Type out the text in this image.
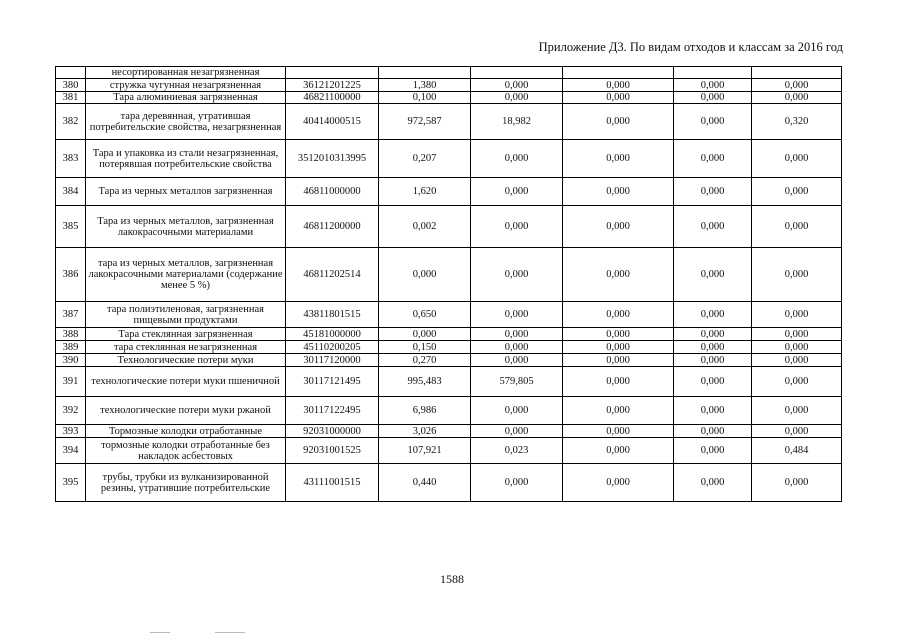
Приложение Д3. По видам отходов и классам за 2016 год
	несортированная незагрязненная						
380	стружка чугунная незагрязненная	36121201225	1,380	0,000	0,000	0,000	0,000
381	Тара алюминиевая загрязненная	46821100000	0,100	0,000	0,000	0,000	0,000
382	тара деревянная, утратившая потребительские свойства, незагрязненная	40414000515	972,587	18,982	0,000	0,000	0,320
383	Тара и упаковка из стали незагрязненная, потерявшая потребительские свойства	3512010313995	0,207	0,000	0,000	0,000	0,000
384	Тара из черных металлов загрязненная	46811000000	1,620	0,000	0,000	0,000	0,000
385	Тара из черных металлов, загрязненная лакокрасочными материалами	46811200000	0,002	0,000	0,000	0,000	0,000
386	тара из черных металлов, загрязненная лакокрасочными материалами (содержание менее 5 %)	46811202514	0,000	0,000	0,000	0,000	0,000
387	тара полиэтиленовая, загрязненная пищевыми продуктами	43811801515	0,650	0,000	0,000	0,000	0,000
388	Тара стеклянная загрязненная	45181000000	0,000	0,000	0,000	0,000	0,000
389	тара стеклянная незагрязненная	45110200205	0,150	0,000	0,000	0,000	0,000
390	Технологические потери муки	30117120000	0,270	0,000	0,000	0,000	0,000
391	технологические потери муки пшеничной	30117121495	995,483	579,805	0,000	0,000	0,000
392	технологические потери муки ржаной	30117122495	6,986	0,000	0,000	0,000	0,000
393	Тормозные колодки отработанные	92031000000	3,026	0,000	0,000	0,000	0,000
394	тормозные колодки отработанные без накладок асбестовых	92031001525	107,921	0,023	0,000	0,000	0,484
395	трубы, трубки из вулканизированной резины, утратившие потребительские	43111001515	0,440	0,000	0,000	0,000	0,000
1588
